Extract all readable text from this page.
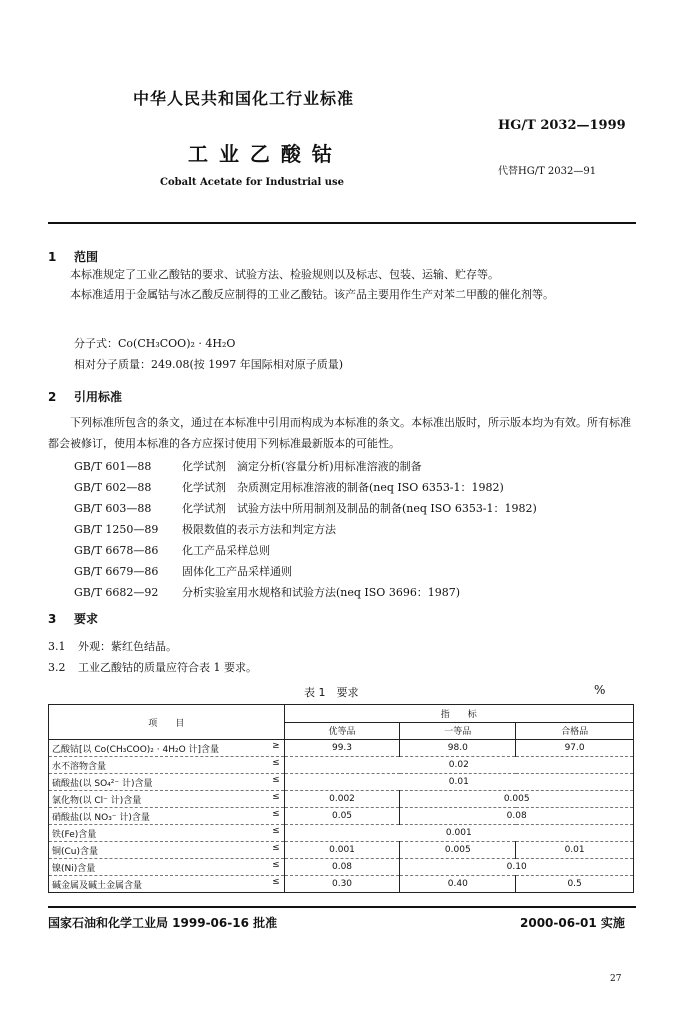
中华人民共和国化工行业标准
HG/T 2032—1999
工 业 乙 酸 钴
Cobalt Acetate for Industrial use
代替HG/T 2032—91
1 范围
本标准规定了工业乙酸钴的要求、试验方法、检验规则以及标志、包装、运输、贮存等。
本标准适用于金属钴与冰乙酸反应制得的工业乙酸钴。该产品主要用作生产对苯二甲酸的催化剂等。
分子式：Co(CH₃COO)₂ · 4H₂O
相对分子质量：249.08(按 1997 年国际相对原子质量)
2 引用标准
下列标准所包含的条文，通过在本标准中引用而构成为本标准的条文。本标准出版时，所示版本均为有效。所有标准都会被修订，使用本标准的各方应探讨使用下列标准最新版本的可能性。
GB/T 601—88	化学试剂　滴定分析(容量分析)用标准溶液的制备
GB/T 602—88	化学试剂　杂质测定用标准溶液的制备(neq ISO 6353-1：1982)
GB/T 603—88	化学试剂　试验方法中所用制剂及制品的制备(neq ISO 6353-1：1982)
GB/T 1250—89 极限数值的表示方法和判定方法
GB/T 6678—86 化工产品采样总则
GB/T 6679—86 固体化工产品采样通则
GB/T 6682—92 分析实验室用水规格和试验方法(neq ISO 3696：1987)
3 要求
3.1 外观：紫红色结晶。
3.2 工业乙酸钴的质量应符合表 1 要求。
表 1　要求	%
项　　目	指　　标		
	优等品	一等品	合格品
乙酸钴[以 Co(CH₃COO)₂ · 4H₂O 计]含量 ≥	99.3	98.0	97.0
水不溶物含量 ≤	0.02		
硫酸盐(以 SO₄²⁻ 计)含量 ≤	0.01		
氯化物(以 Cl⁻ 计)含量 ≤	0.002	0.005	
硝酸盐(以 NO₃⁻ 计)含量 ≤	0.05	0.08	
铁(Fe)含量 ≤	0.001		
铜(Cu)含量 ≤	0.001	0.005	0.01
镍(Ni)含量 ≤	0.08	0.10	
碱金属及碱土金属含量 ≤	0.30	0.40	0.5
国家石油和化学工业局 1999-06-16 批准	2000-06-01 实施
27
